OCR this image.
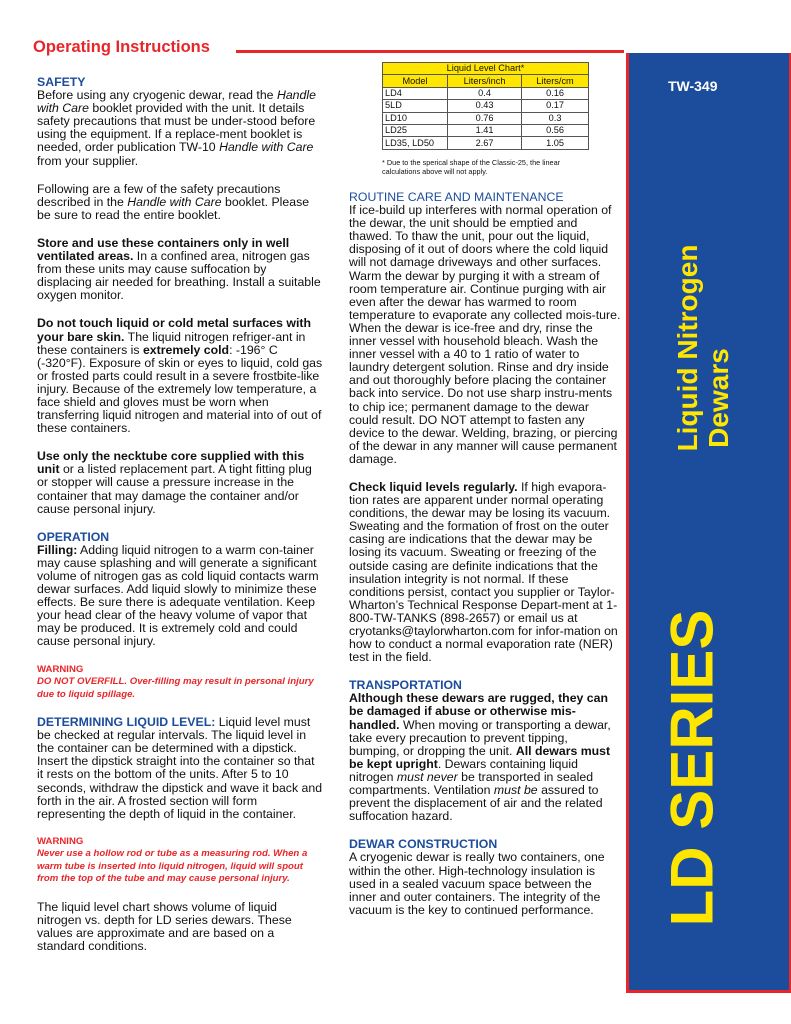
Operating Instructions

SAFETY

Before using any cryogenic dewar, read the Handle with Care booklet provided with the unit. It details safety precautions that must be under-stood before using the equipment. If a replace-ment booklet is needed, order publication TW-10 Handle with Care from your supplier.

Following are a few of the safety precautions described in the Handle with Care booklet. Please be sure to read the entire booklet.

Store and use these containers only in well ventilated areas. In a confined area, nitrogen gas from these units may cause suffocation by displacing air needed for breathing. Install a suitable oxygen monitor.

Do not touch liquid or cold metal surfaces with your bare skin. The liquid nitrogen refriger-ant in these containers is extremely cold: -196° C (-320°F). Exposure of skin or eyes to liquid, cold gas or frosted parts could result in a severe frostbite-like injury. Because of the extremely low temperature, a face shield and gloves must be worn when transferring liquid nitrogen and material into of out of these containers.

Use only the necktube core supplied with this unit or a listed replacement part. A tight fitting plug or stopper will cause a pressure increase in the container that may damage the container and/or cause personal injury.

OPERATION

Filling: Adding liquid nitrogen to a warm con-tainer may cause splashing and will generate a significant volume of nitrogen gas as cold liquid contacts warm dewar surfaces. Add liquid slowly to minimize these effects. Be sure there is adequate ventilation. Keep your head clear of the heavy volume of vapor that may be produced. It is extremely cold and could cause personal injury.

WARNING

DO NOT OVERFILL. Over-filling may result in personal injury due to liquid spillage.

DETERMINING LIQUID LEVEL: Liquid level must be checked at regular intervals. The liquid level in the container can be determined with a dipstick. Insert the dipstick straight into the container so that it rests on the bottom of the units. After 5 to 10 seconds, withdraw the dipstick and wave it back and forth in the air. A frosted section will form representing the depth of liquid in the container.

WARNING

Never use a hollow rod or tube as a measuring rod. When a warm tube is inserted into liquid nitrogen, liquid will spout from the top of the tube and may cause personal injury.

The liquid level chart shows volume of liquid nitrogen vs. depth for LD series dewars. These values are approximate and are based on a standard conditions.

Liquid Level Chart*		
Model	Liters/inch	Liters/cm
LD4	0.4	0.16
5LD	0.43	0.17
LD10	0.76	0.3
LD25	1.41	0.56
LD35, LD50	2.67	1.05
* Due to the sperical shape of the Classic-25, the linear calculations above will not apply.

ROUTINE CARE AND MAINTENANCE

If ice-build up interferes with normal operation of the dewar, the unit should be emptied and thawed. To thaw the unit, pour out the liquid, disposing of it out of doors where the cold liquid will not damage driveways and other surfaces. Warm the dewar by purging it with a stream of room temperature air. Continue purging with air even after the dewar has warmed to room temperature to evaporate any collected mois-ture. When the dewar is ice-free and dry, rinse the inner vessel with household bleach. Wash the inner vessel with a 40 to 1 ratio of water to laundry detergent solution. Rinse and dry inside and out thoroughly before placing the container back into service. Do not use sharp instru-ments to chip ice; permanent damage to the dewar could result. DO NOT attempt to fasten any device to the dewar. Welding, brazing, or piercing of the dewar in any manner will cause permanent damage.

Check liquid levels regularly. If high evapora-tion rates are apparent under normal operating conditions, the dewar may be losing its vacuum. Sweating and the formation of frost on the outer casing are indications that the dewar may be losing its vacuum. Sweating or freezing of the outside casing are definite indications that the insulation integrity is not normal. If these conditions persist, contact you supplier or Taylor-Wharton’s Technical Response Depart-ment at 1-800-TW-TANKS (898-2657) or email us at cryotanks@taylorwharton.com for infor-mation on how to conduct a normal evaporation rate (NER) test in the field.

TRANSPORTATION

Although these dewars are rugged, they can be damaged if abuse or otherwise mis-handled. When moving or transporting a dewar, take every precaution to prevent tipping, bumping, or dropping the unit. All dewars must be kept upright. Dewars containing liquid nitrogen must never be transported in sealed compartments. Ventilation must be assured to prevent the displacement of air and the related suffocation hazard.

DEWAR CONSTRUCTION

A cryogenic dewar is really two containers, one within the other. High-technology insulation is used in a sealed vacuum space between the inner and outer containers. The integrity of the vacuum is the key to continued performance.

TW-349
Liquid Nitrogen Dewars
LD SERIES
